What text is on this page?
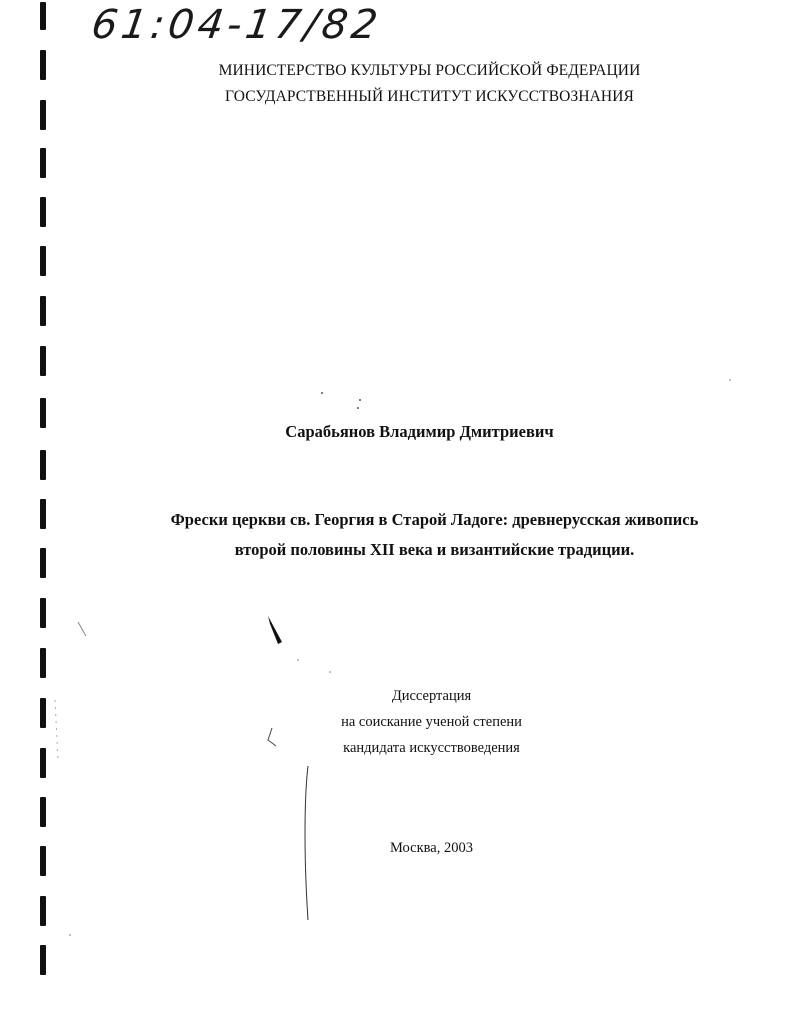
61:04-17/82
МИНИСТЕРСТВО КУЛЬТУРЫ РОССИЙСКОЙ ФЕДЕРАЦИИ
ГОСУДАРСТВЕННЫЙ ИНСТИТУТ ИСКУССТВОЗНАНИЯ
Сарабьянов Владимир Дмитриевич
Фрески церкви св. Георгия в Старой Ладоге: древнерусская живопись
второй половины XII века и византийские традиции.
Диссертация
на соискание ученой степени
кандидата искусствоведения
Москва, 2003
